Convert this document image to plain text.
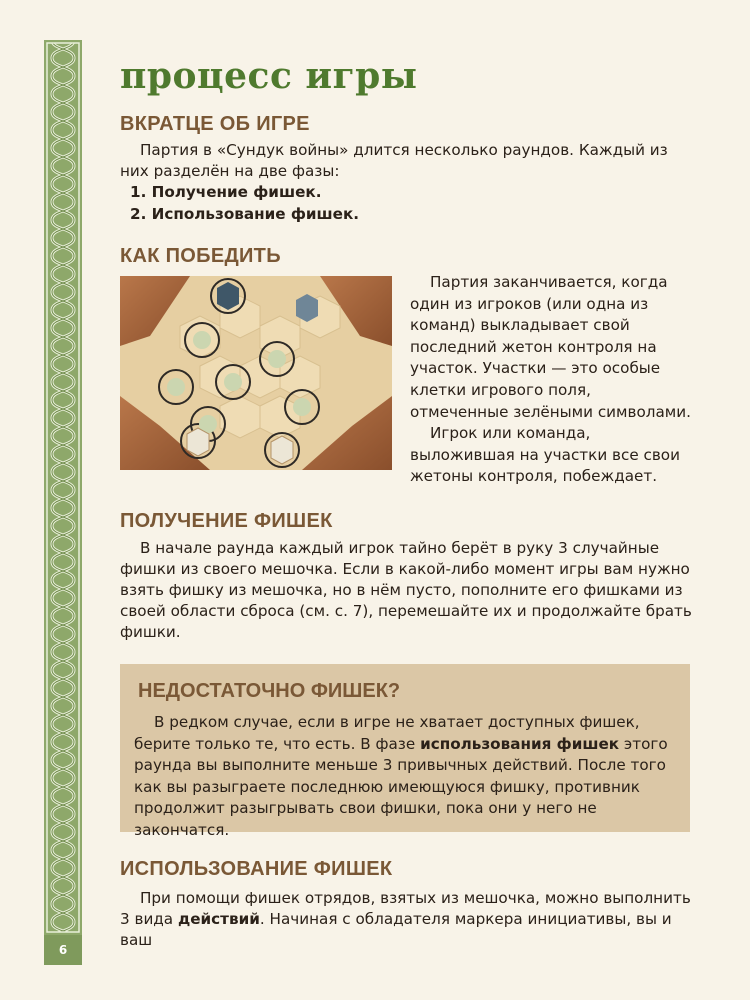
6
процесс игры
ВКРАТЦЕ ОБ ИГРЕ

Партия в «Сундук войны» длится несколько раундов. Каждый из них разделён на две фазы:

1. Получение фишек.
2. Использование фишек.
КАК ПОБЕДИТЬ

Партия заканчивается, когда один из игроков (или одна из команд) выкладывает свой последний жетон контроля на участок. Участки — это особые клетки игрового поля, отмеченные зелёными символами.

Игрок или команда, выложившая на участки все свои жетоны контроля, побеждает.

ПОЛУЧЕНИЕ ФИШЕК

В начале раунда каждый игрок тайно берёт в руку 3 случайные фишки из своего мешочка. Если в какой-либо момент игры вам нужно взять фишку из мешочка, но в нём пусто, пополните его фишками из своей области сброса (см. с. 7), перемешайте их и продолжайте брать фишки.

НЕДОСТАТОЧНО ФИШЕК?

В редком случае, если в игре не хватает доступных фишек, берите только те, что есть. В фазе использования фишек этого раунда вы выполните меньше 3 привычных действий. После того как вы разыграете последнюю имеющуюся фишку, противник продолжит разыгрывать свои фишки, пока они у него не закончатся.

ИСПОЛЬЗОВАНИЕ ФИШЕК

При помощи фишек отрядов, взятых из мешочка, можно выполнить 3 вида действий. Начиная с обладателя маркера инициативы, вы и ваш
